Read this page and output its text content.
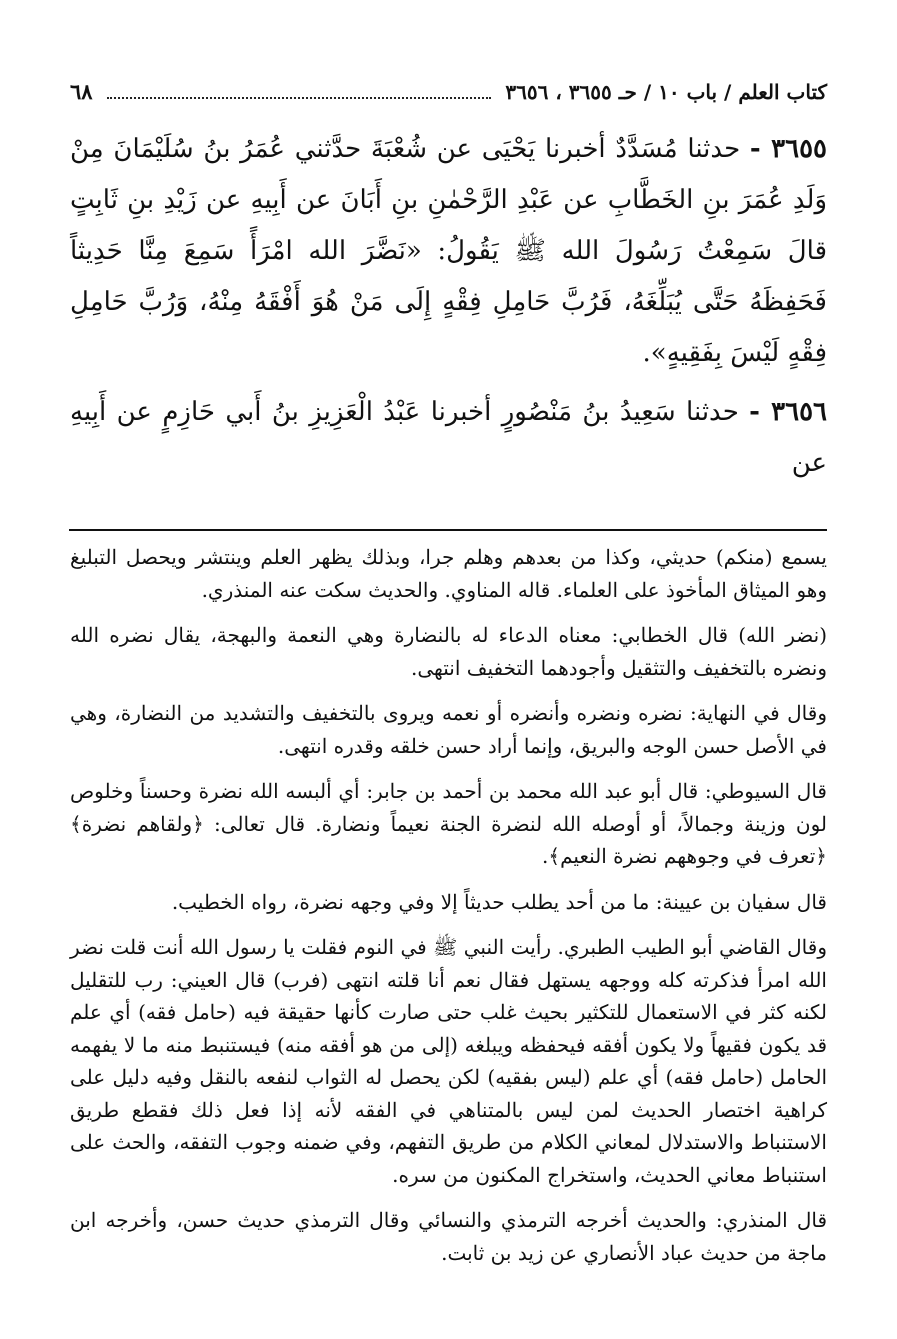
كتاب العلم / باب ١٠ / حـ ٣٦٥٥ ، ٣٦٥٦
٦٨

٣٦٥٥ - حدثنا مُسَدَّدٌ أخبرنا يَحْيَى عن شُعْبَةَ حدَّثني عُمَرُ بنُ سُلَيْمَانَ مِنْ وَلَدِ عُمَرَ بنِ الخَطَّابِ عن عَبْدِ الرَّحْمٰنِ بنِ أَبَانَ عن أَبِيهِ عن زَيْدِ بنِ ثَابِتٍ قالَ سَمِعْتُ رَسُولَ الله ﷺ يَقُولُ: «نَضَّرَ الله امْرَأً سَمِعَ مِنَّا حَدِيثاً فَحَفِظَهُ حَتَّى يُبَلِّغَهُ، فَرُبَّ حَامِلِ فِقْهٍ إِلَى مَنْ هُوَ أَفْقَهُ مِنْهُ، وَرُبَّ حَامِلِ فِقْهٍ لَيْسَ بِفَقِيهٍ».

٣٦٥٦ - حدثنا سَعِيدُ بنُ مَنْصُورٍ أخبرنا عَبْدُ الْعَزِيزِ بنُ أَبي حَازِمٍ عن أَبِيهِ عن

يسمع (منكم) حديثي، وكذا من بعدهم وهلم جرا، وبذلك يظهر العلم وينتشر ويحصل التبليغ وهو الميثاق المأخوذ على العلماء. قاله المناوي. والحديث سكت عنه المنذري.

(نضر الله) قال الخطابي: معناه الدعاء له بالنضارة وهي النعمة والبهجة، يقال نضره الله ونضره بالتخفيف والتثقيل وأجودهما التخفيف انتهى.

وقال في النهاية: نضره ونضره وأنضره أو نعمه ويروى بالتخفيف والتشديد من النضارة، وهي في الأصل حسن الوجه والبريق، وإنما أراد حسن خلقه وقدره انتهى.

قال السيوطي: قال أبو عبد الله محمد بن أحمد بن جابر: أي ألبسه الله نضرة وحسناً وخلوص لون وزينة وجمالاً، أو أوصله الله لنضرة الجنة نعيماً ونضارة. قال تعالى: ﴿ولقاهم نضرة﴾ ﴿تعرف في وجوههم نضرة النعيم﴾.

قال سفيان بن عيينة: ما من أحد يطلب حديثاً إلا وفي وجهه نضرة، رواه الخطيب.

وقال القاضي أبو الطيب الطبري. رأيت النبي ﷺ في النوم فقلت يا رسول الله أنت قلت نضر الله امرأ فذكرته كله ووجهه يستهل فقال نعم أنا قلته انتهى (فرب) قال العيني: رب للتقليل لكنه كثر في الاستعمال للتكثير بحيث غلب حتى صارت كأنها حقيقة فيه (حامل فقه) أي علم قد يكون فقيهاً ولا يكون أفقه فيحفظه ويبلغه (إلى من هو أفقه منه) فيستنبط منه ما لا يفهمه الحامل (حامل فقه) أي علم (ليس بفقيه) لكن يحصل له الثواب لنفعه بالنقل وفيه دليل على كراهية اختصار الحديث لمن ليس بالمتناهي في الفقه لأنه إذا فعل ذلك فقطع طريق الاستنباط والاستدلال لمعاني الكلام من طريق التفهم، وفي ضمنه وجوب التفقه، والحث على استنباط معاني الحديث، واستخراج المكنون من سره.

قال المنذري: والحديث أخرجه الترمذي والنسائي وقال الترمذي حديث حسن، وأخرجه ابن ماجة من حديث عباد الأنصاري عن زيد بن ثابت.
